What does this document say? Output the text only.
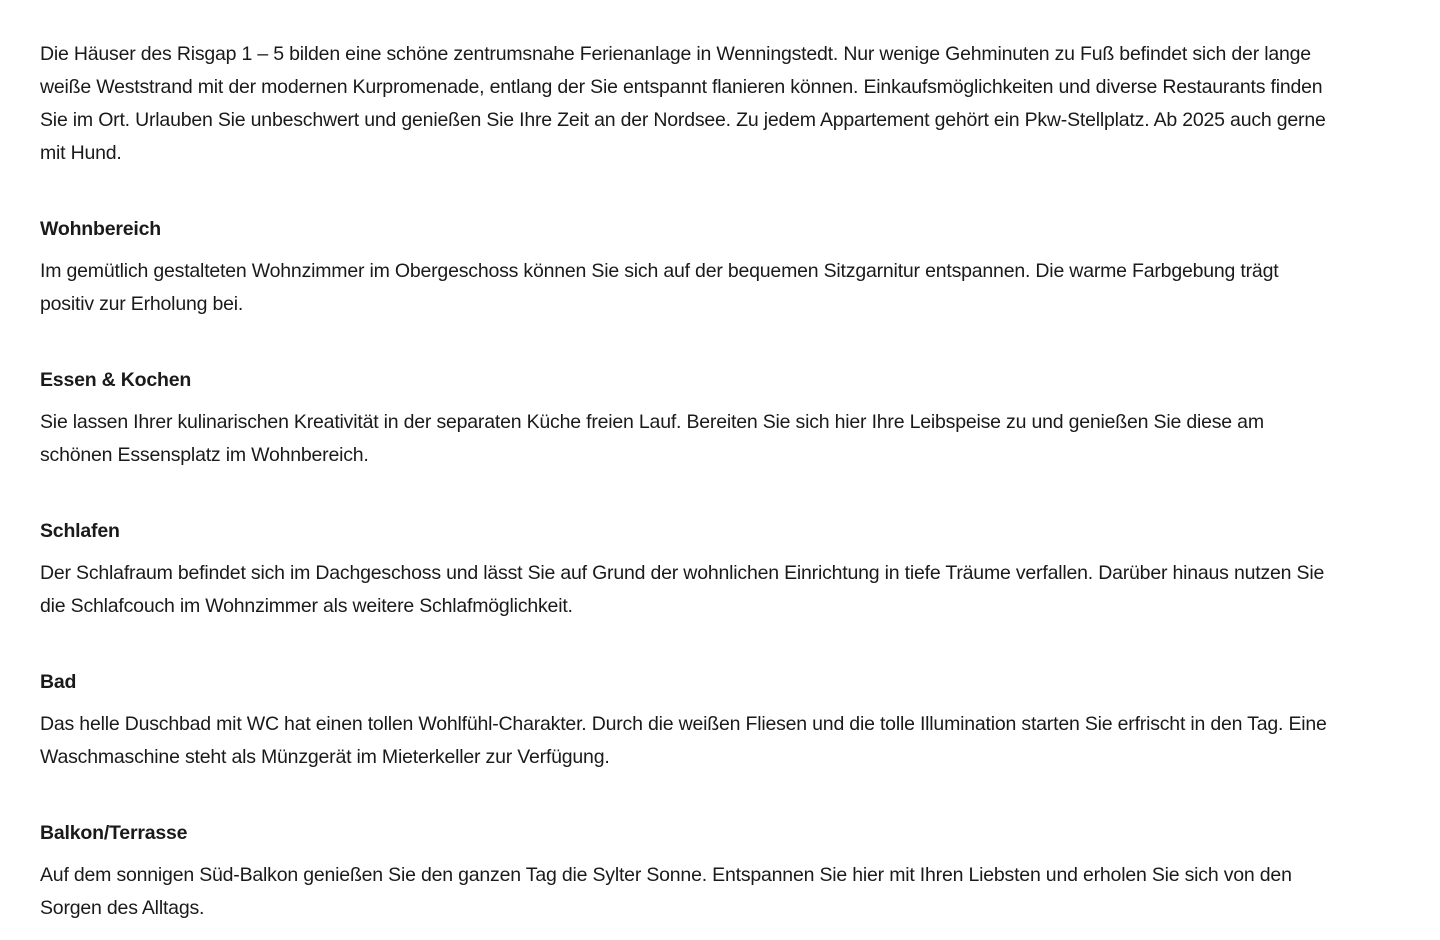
Die Häuser des Risgap 1 – 5 bilden eine schöne zentrumsnahe Ferienanlage in Wenningstedt. Nur wenige Gehminuten zu Fuß befindet sich der lange weiße Weststrand mit der modernen Kurpromenade, entlang der Sie entspannt flanieren können. Einkaufsmöglichkeiten und diverse Restaurants finden Sie im Ort. Urlauben Sie unbeschwert und genießen Sie Ihre Zeit an der Nordsee. Zu jedem Appartement gehört ein Pkw-Stellplatz. Ab 2025 auch gerne mit Hund.

Wohnbereich

Im gemütlich gestalteten Wohnzimmer im Obergeschoss können Sie sich auf der bequemen Sitzgarnitur entspannen. Die warme Farbgebung trägt positiv zur Erholung bei.

Essen & Kochen

Sie lassen Ihrer kulinarischen Kreativität in der separaten Küche freien Lauf. Bereiten Sie sich hier Ihre Leibspeise zu und genießen Sie diese am schönen Essensplatz im Wohnbereich.

Schlafen

Der Schlafraum befindet sich im Dachgeschoss und lässt Sie auf Grund der wohnlichen Einrichtung in tiefe Träume verfallen. Darüber hinaus nutzen Sie die Schlafcouch im Wohnzimmer als weitere Schlafmöglichkeit.

Bad

Das helle Duschbad mit WC hat einen tollen Wohlfühl-Charakter. Durch die weißen Fliesen und die tolle Illumination starten Sie erfrischt in den Tag. Eine Waschmaschine steht als Münzgerät im Mieterkeller zur Verfügung.

Balkon/Terrasse

Auf dem sonnigen Süd-Balkon genießen Sie den ganzen Tag die Sylter Sonne. Entspannen Sie hier mit Ihren Liebsten und erholen Sie sich von den Sorgen des Alltags.
